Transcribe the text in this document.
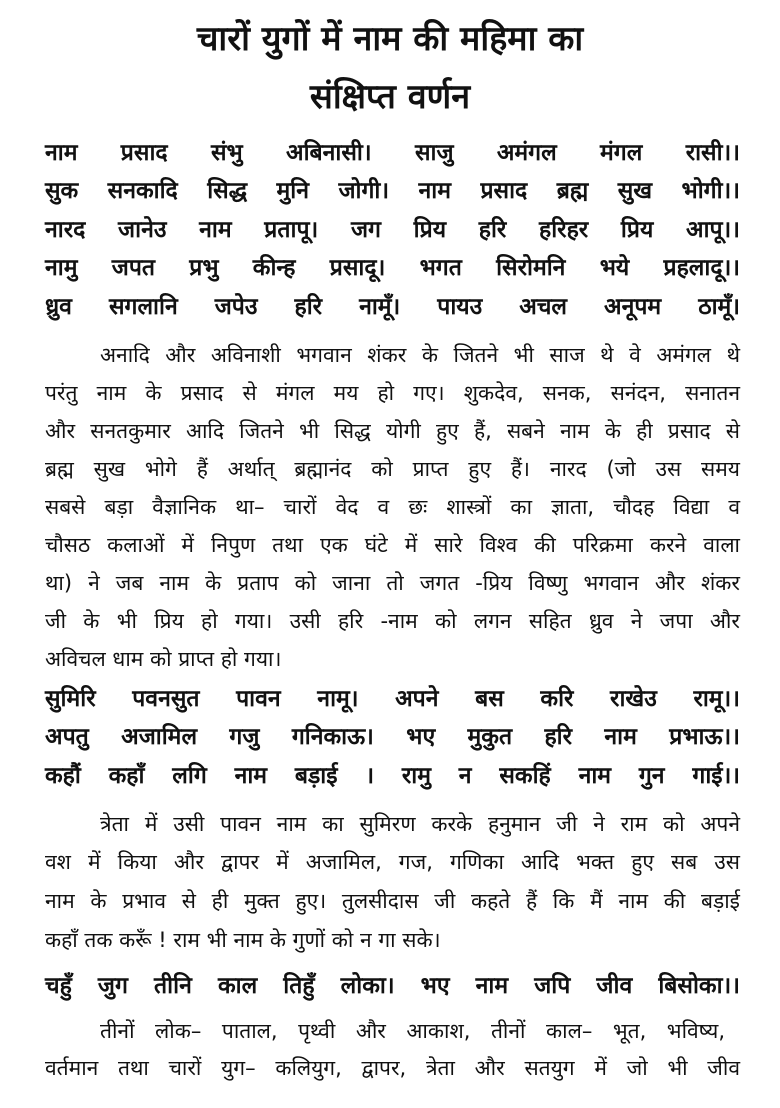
चारों युगों में नाम की महिमा का
संक्षिप्त वर्णन
नाम प्रसाद संभु अबिनासी। साजु अमंगल मंगल रासी।।
सुक सनकादि सिद्ध मुनि जोगी। नाम प्रसाद ब्रह्म सुख भोगी।।
नारद जानेउ नाम प्रतापू। जग प्रिय हरि हरिहर प्रिय आपू।।
नामु जपत प्रभु कीन्ह प्रसादू। भगत सिरोमनि भये प्रहलादू।।
ध्रुव सगलानि जपेउ हरि नामूँ। पायउ अचल अनूपम ठामूँ।
अनादि और अविनाशी भगवान शंकर के जितने भी साज थे वे अमंगल थे
परंतु नाम के प्रसाद से मंगल मय हो गए। शुकदेव, सनक, सनंदन, सनातन
और सनतकुमार आदि जितने भी सिद्ध योगी हुए हैं, सबने नाम के ही प्रसाद से
ब्रह्म सुख भोगे हैं अर्थात् ब्रह्मानंद को प्राप्त हुए हैं। नारद (जो उस समय
सबसे बड़ा वैज्ञानिक था– चारों वेद व छः शास्त्रों का ज्ञाता, चौदह विद्या व
चौसठ कलाओं में निपुण तथा एक घंटे में सारे विश्व की परिक्रमा करने वाला
था) ने जब नाम के प्रताप को जाना तो जगत -प्रिय विष्णु भगवान और शंकर
जी के भी प्रिय हो गया। उसी हरि -नाम को लगन सहित ध्रुव ने जपा और
अविचल धाम को प्राप्त हो गया।
सुमिरि पवनसुत पावन नामू। अपने बस करि राखेउ रामू।।
अपतु अजामिल गजु गनिकाऊ। भए मुकुत हरि नाम प्रभाऊ।।
कहौं कहाँ लगि नाम बड़ाई । रामु न सकहिं नाम गुन गाई।।
त्रेता में उसी पावन नाम का सुमिरण करके हनुमान जी ने राम को अपने
वश में किया और द्वापर में अजामिल, गज, गणिका आदि भक्त हुए सब उस
नाम के प्रभाव से ही मुक्त हुए। तुलसीदास जी कहते हैं कि मैं नाम की बड़ाई
कहाँ तक करूँ ! राम भी नाम के गुणों को न गा सके।
चहुँ जुग तीनि काल तिहुँ लोका। भए नाम जपि जीव बिसोका।।
तीनों लोक– पाताल, पृथ्वी और आकाश, तीनों काल– भूत, भविष्य,
वर्तमान तथा चारों युग– कलियुग, द्वापर, त्रेता और सतयुग में जो भी जीव
